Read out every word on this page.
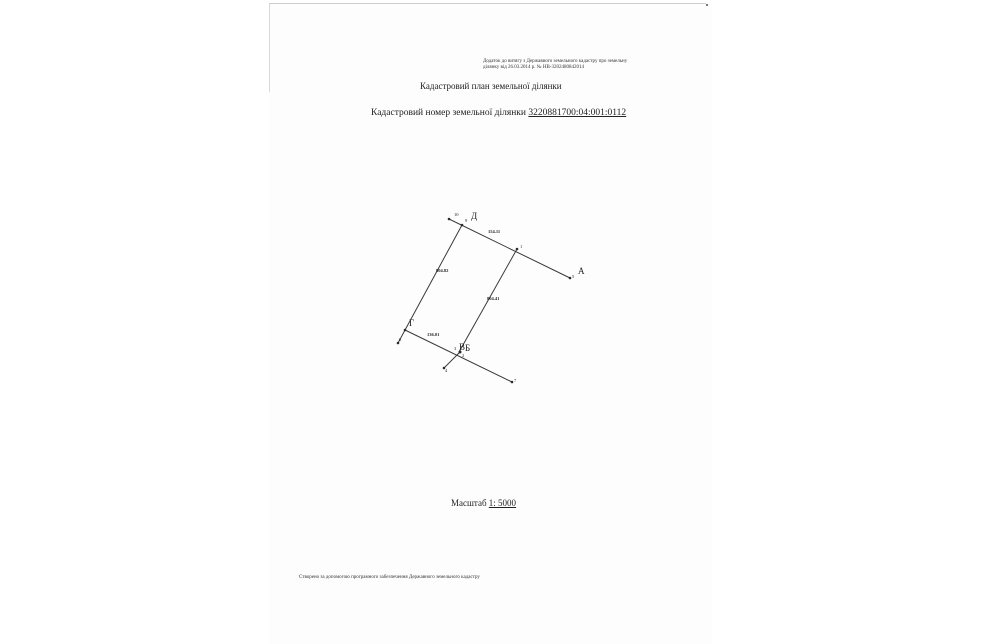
Додаток до витягу з Державного земельного кадастру про земельну ділянку від 26.03.2014 р. № НВ-3202480842014
Кадастровий план земельної ділянки
Кадастровий номер земельної ділянки 3220881700:04:001:0112
Д
А
Г
В Б
10
9
1
5
6
3
2
4
7
154.11
804.82
804.41
136.01
Масштаб 1: 5000
Створено за допомогою програмного забезпечення Державного земельного кадастру
